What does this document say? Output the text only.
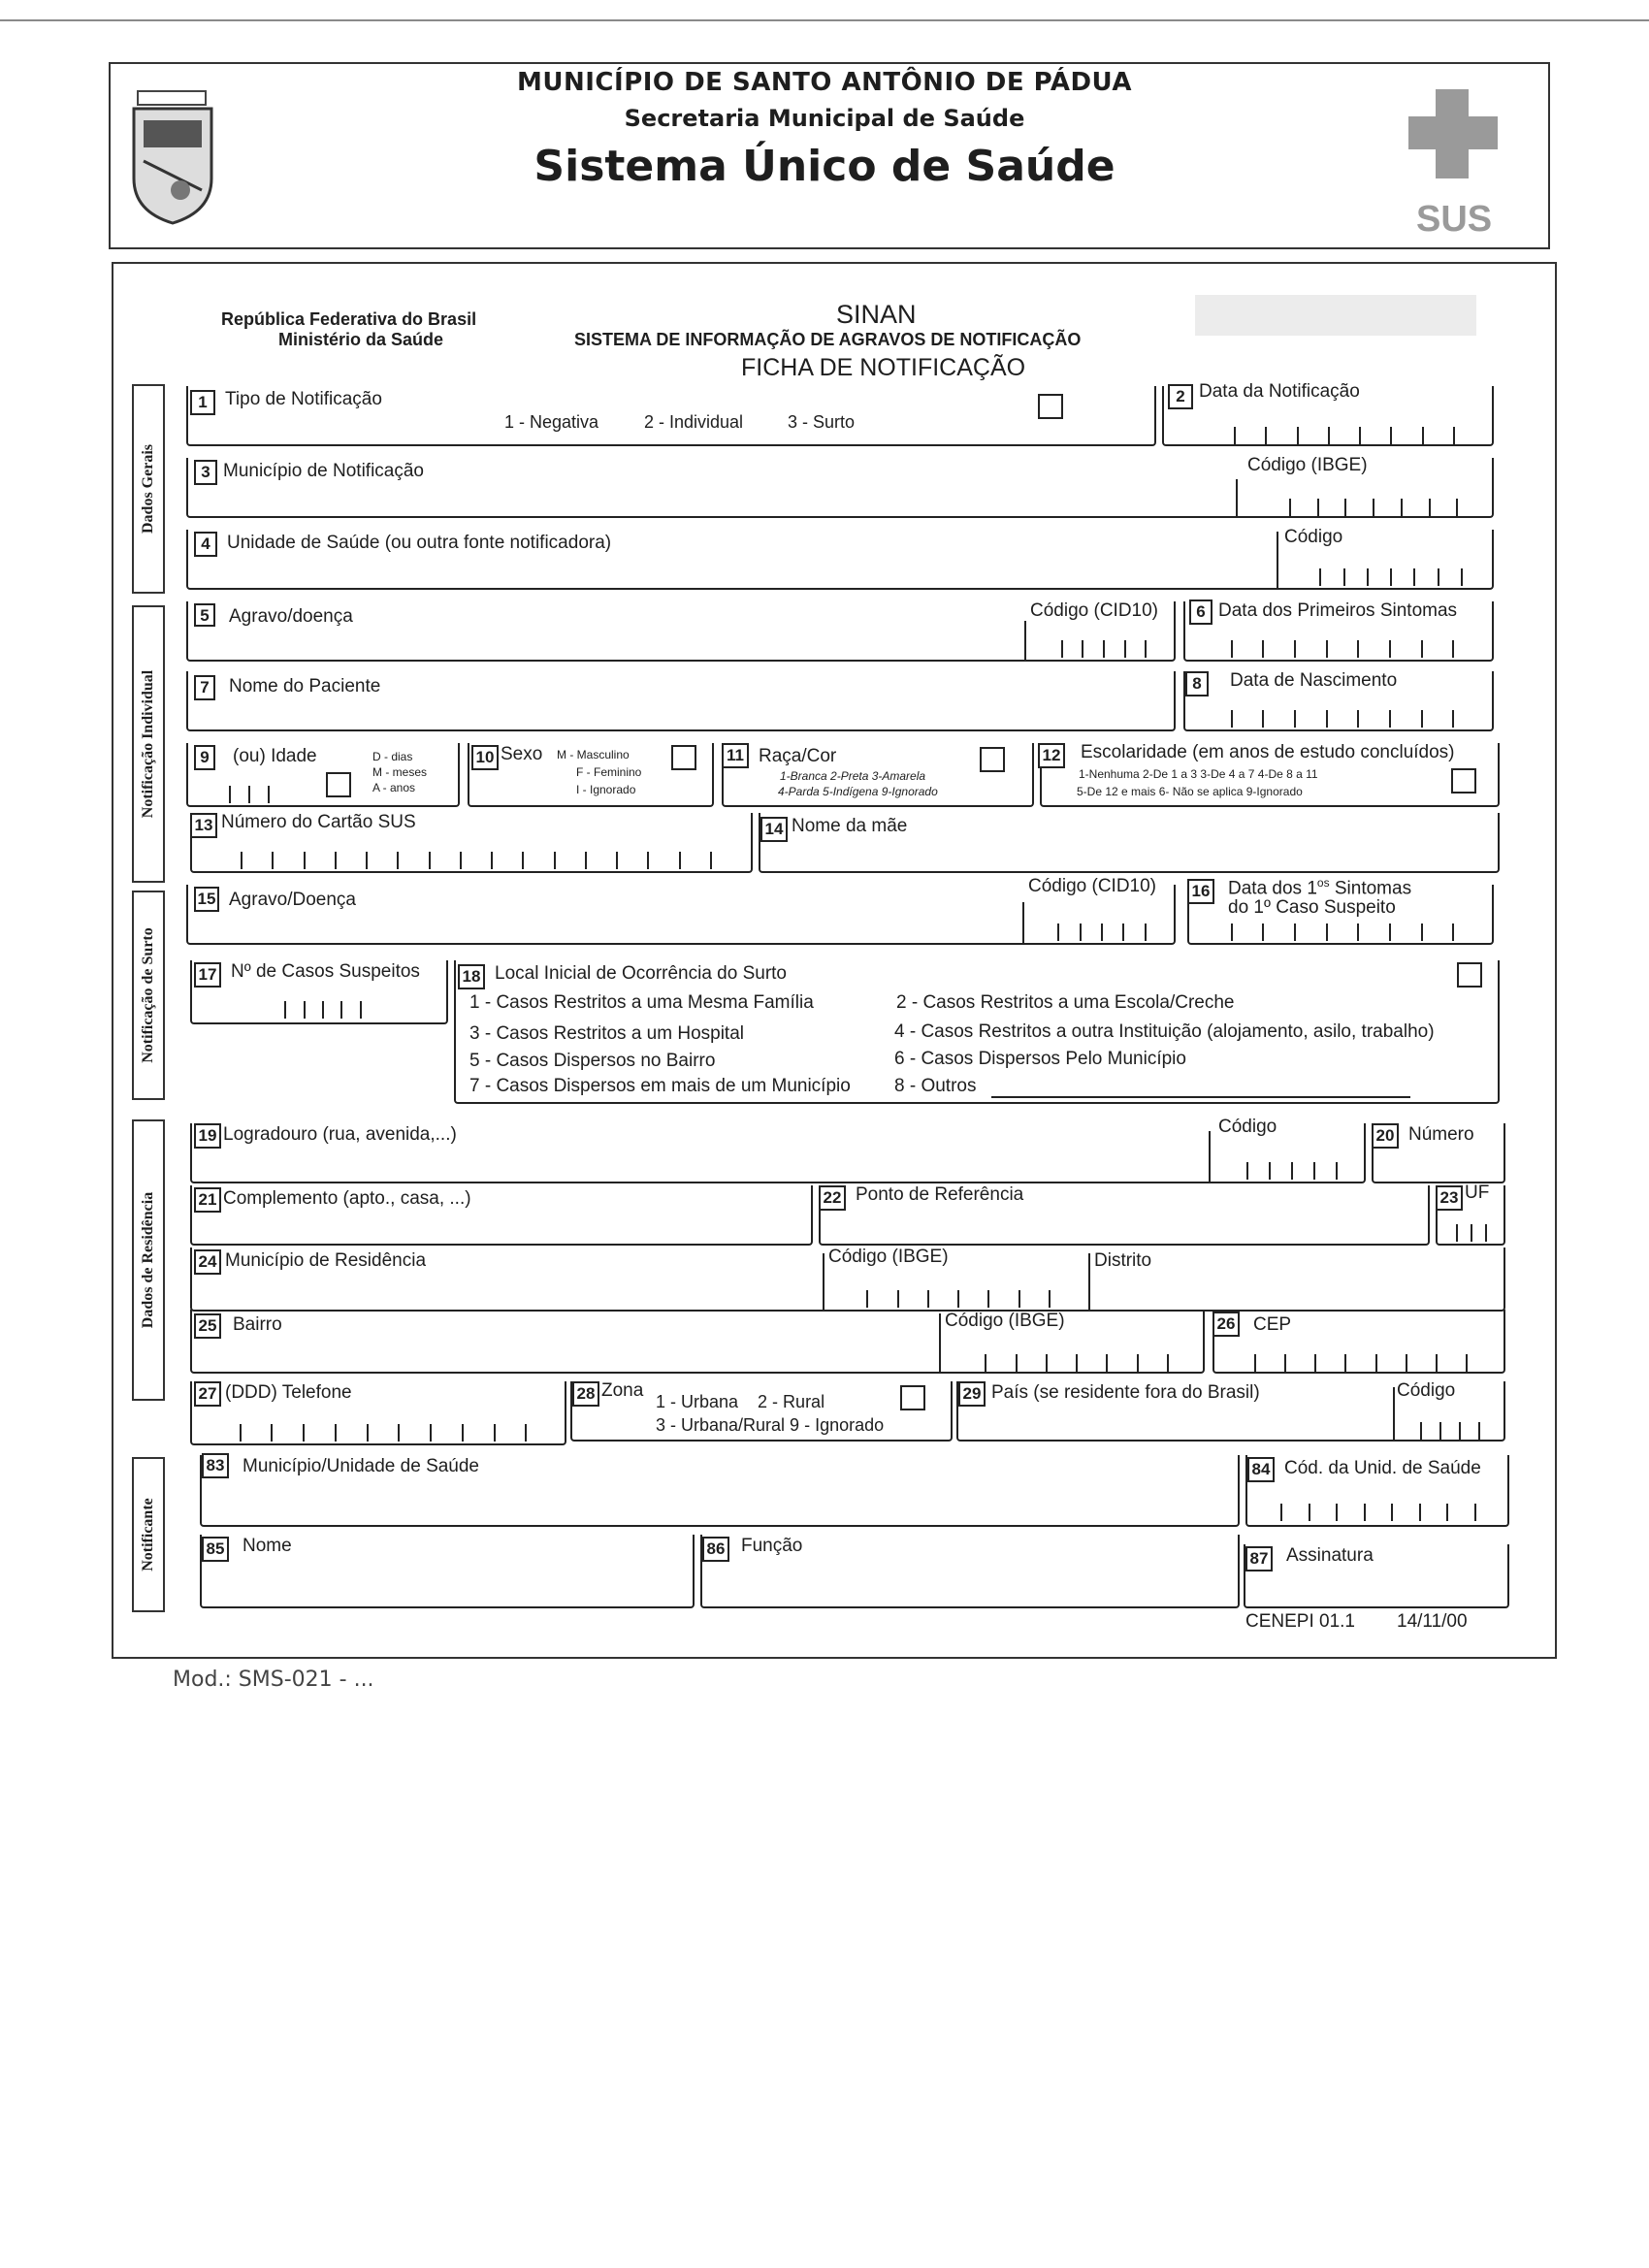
MUNICÍPIO DE SANTO ANTÔNIO DE PÁDUA
Secretaria Municipal de Saúde
Sistema Único de Saúde
SUS
República Federativa do Brasil
Ministério da Saúde
SINAN
SISTEMA DE INFORMAÇÃO DE AGRAVOS DE NOTIFICAÇÃO
FICHA DE NOTIFICAÇÃO
Dados Gerais
Notificação Individual
Notificação de Surto
Dados de Residência
Notificante
1 Tipo de Notificação
1 - Negativa	2 - Individual	3 - Surto
2 Data da Notificação
3 Município de Notificação	Código (IBGE)
4 Unidade de Saúde (ou outra fonte notificadora)	Código
5	Agravo/doença	Código (CID10)	6 Data dos Primeiros Sintomas
7	Nome do Paciente	8	Data de Nascimento
9	(ou) Idade	D - dias
M - meses
A - anos
10 Sexo M - Masculino
F - Feminino
I - Ignorado
11 Raça/Cor
1-Branca 2-Preta 3-Amarela
4-Parda 5-Indígena 9-Ignorado
12 Escolaridade (em anos de estudo concluídos)
1-Nenhuma 2-De 1 a 3 3-De 4 a 7 4-De 8 a 11
5-De 12 e mais 6- Não se aplica 9-Ignorado
13 Número do Cartão SUS	14 Nome da mãe
15 Agravo/Doença
Código (CID10) 16 Data dos $1^{os}$ Sintomas
do 1º Caso Suspeito
17 Nº de Casos Suspeitos	18 Local Inicial de Ocorrência do Surto
1 - Casos Restritos a uma Mesma Família	2 - Casos Restritos a uma Escola/Creche
3 - Casos Restritos a um Hospital	4 - Casos Restritos a outra Instituição (alojamento, asilo, trabalho)
5 - Casos Dispersos no Bairro	6 - Casos Dispersos Pelo Município
7 - Casos Dispersos em mais de um Município 8 - Outros
19 Logradouro (rua, avenida,...)	Código	20 Número
21 Complemento (apto., casa, ...)	22 Ponto de Referência	23 UF
24 Município de Residência	Código (IBGE)	Distrito
25 Bairro	Código (IBGE)	26 CEP
27 (DDD) Telefone	28 Zona
1 - Urbana    2 - Rural
3 - Urbana/Rural 9 - Ignorado
29 País (se residente fora do Brasil)	Código
83 Município/Unidade de Saúde	84 Cód. da Unid. de Saúde
85 Nome	86 Função
87 Assinatura
CENEPI 01.1 14/11/00
Mod.: SMS-021 - ...
